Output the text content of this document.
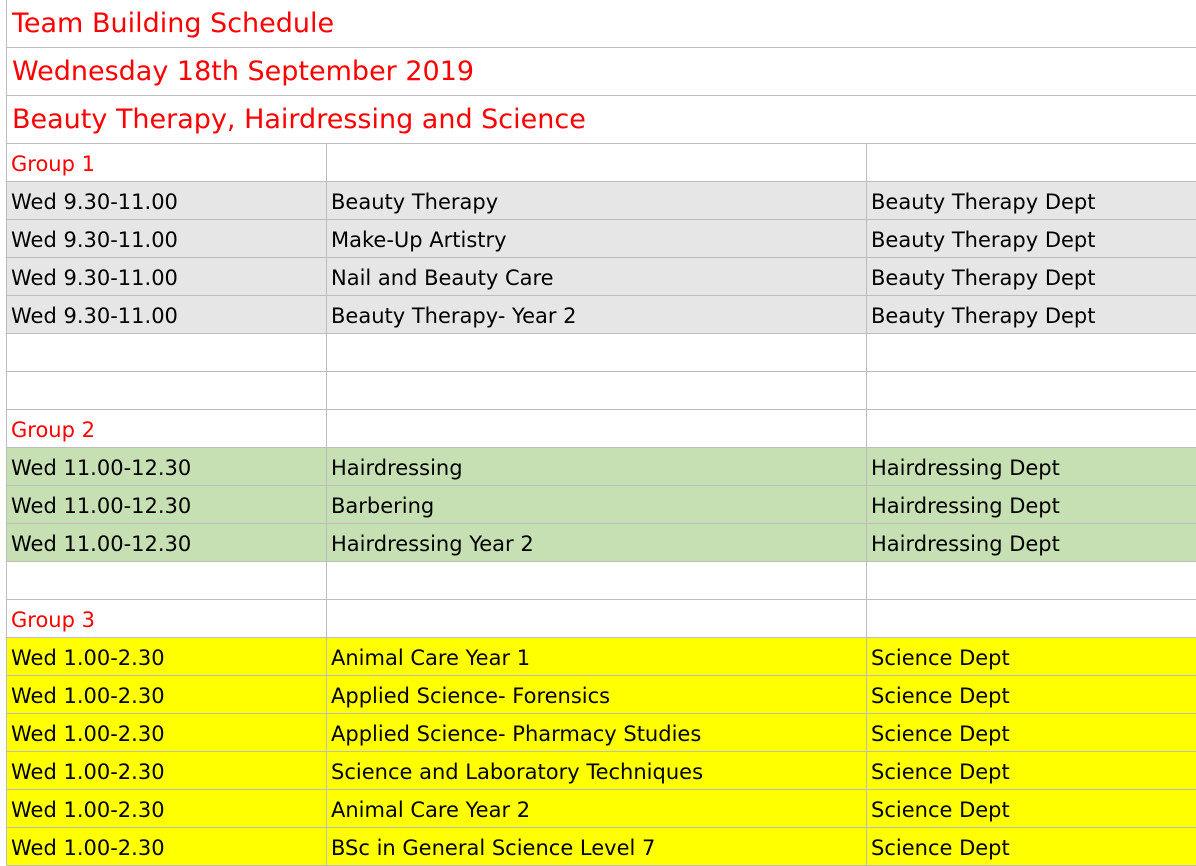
Team Building Schedule
Wednesday 18th September 2019
Beauty Therapy, Hairdressing and Science
Group 1
Wed 9.30-11.00	Beauty Therapy	Beauty Therapy Dept
Wed 9.30-11.00	Make-Up Artistry	Beauty Therapy Dept
Wed 9.30-11.00	Nail and Beauty Care	Beauty Therapy Dept
Wed 9.30-11.00	Beauty Therapy- Year 2	Beauty Therapy Dept
Group 2
Wed 11.00-12.30	Hairdressing	Hairdressing Dept
Wed 11.00-12.30	Barbering	Hairdressing Dept
Wed 11.00-12.30	Hairdressing Year 2	Hairdressing Dept
Group 3
Wed 1.00-2.30	Animal Care Year 1	Science Dept
Wed 1.00-2.30	Applied Science- Forensics	Science Dept
Wed 1.00-2.30	Applied Science- Pharmacy Studies	Science Dept
Wed 1.00-2.30	Science and Laboratory Techniques	Science Dept
Wed 1.00-2.30	Animal Care Year 2	Science Dept
Wed 1.00-2.30	BSc in General Science Level 7	Science Dept
